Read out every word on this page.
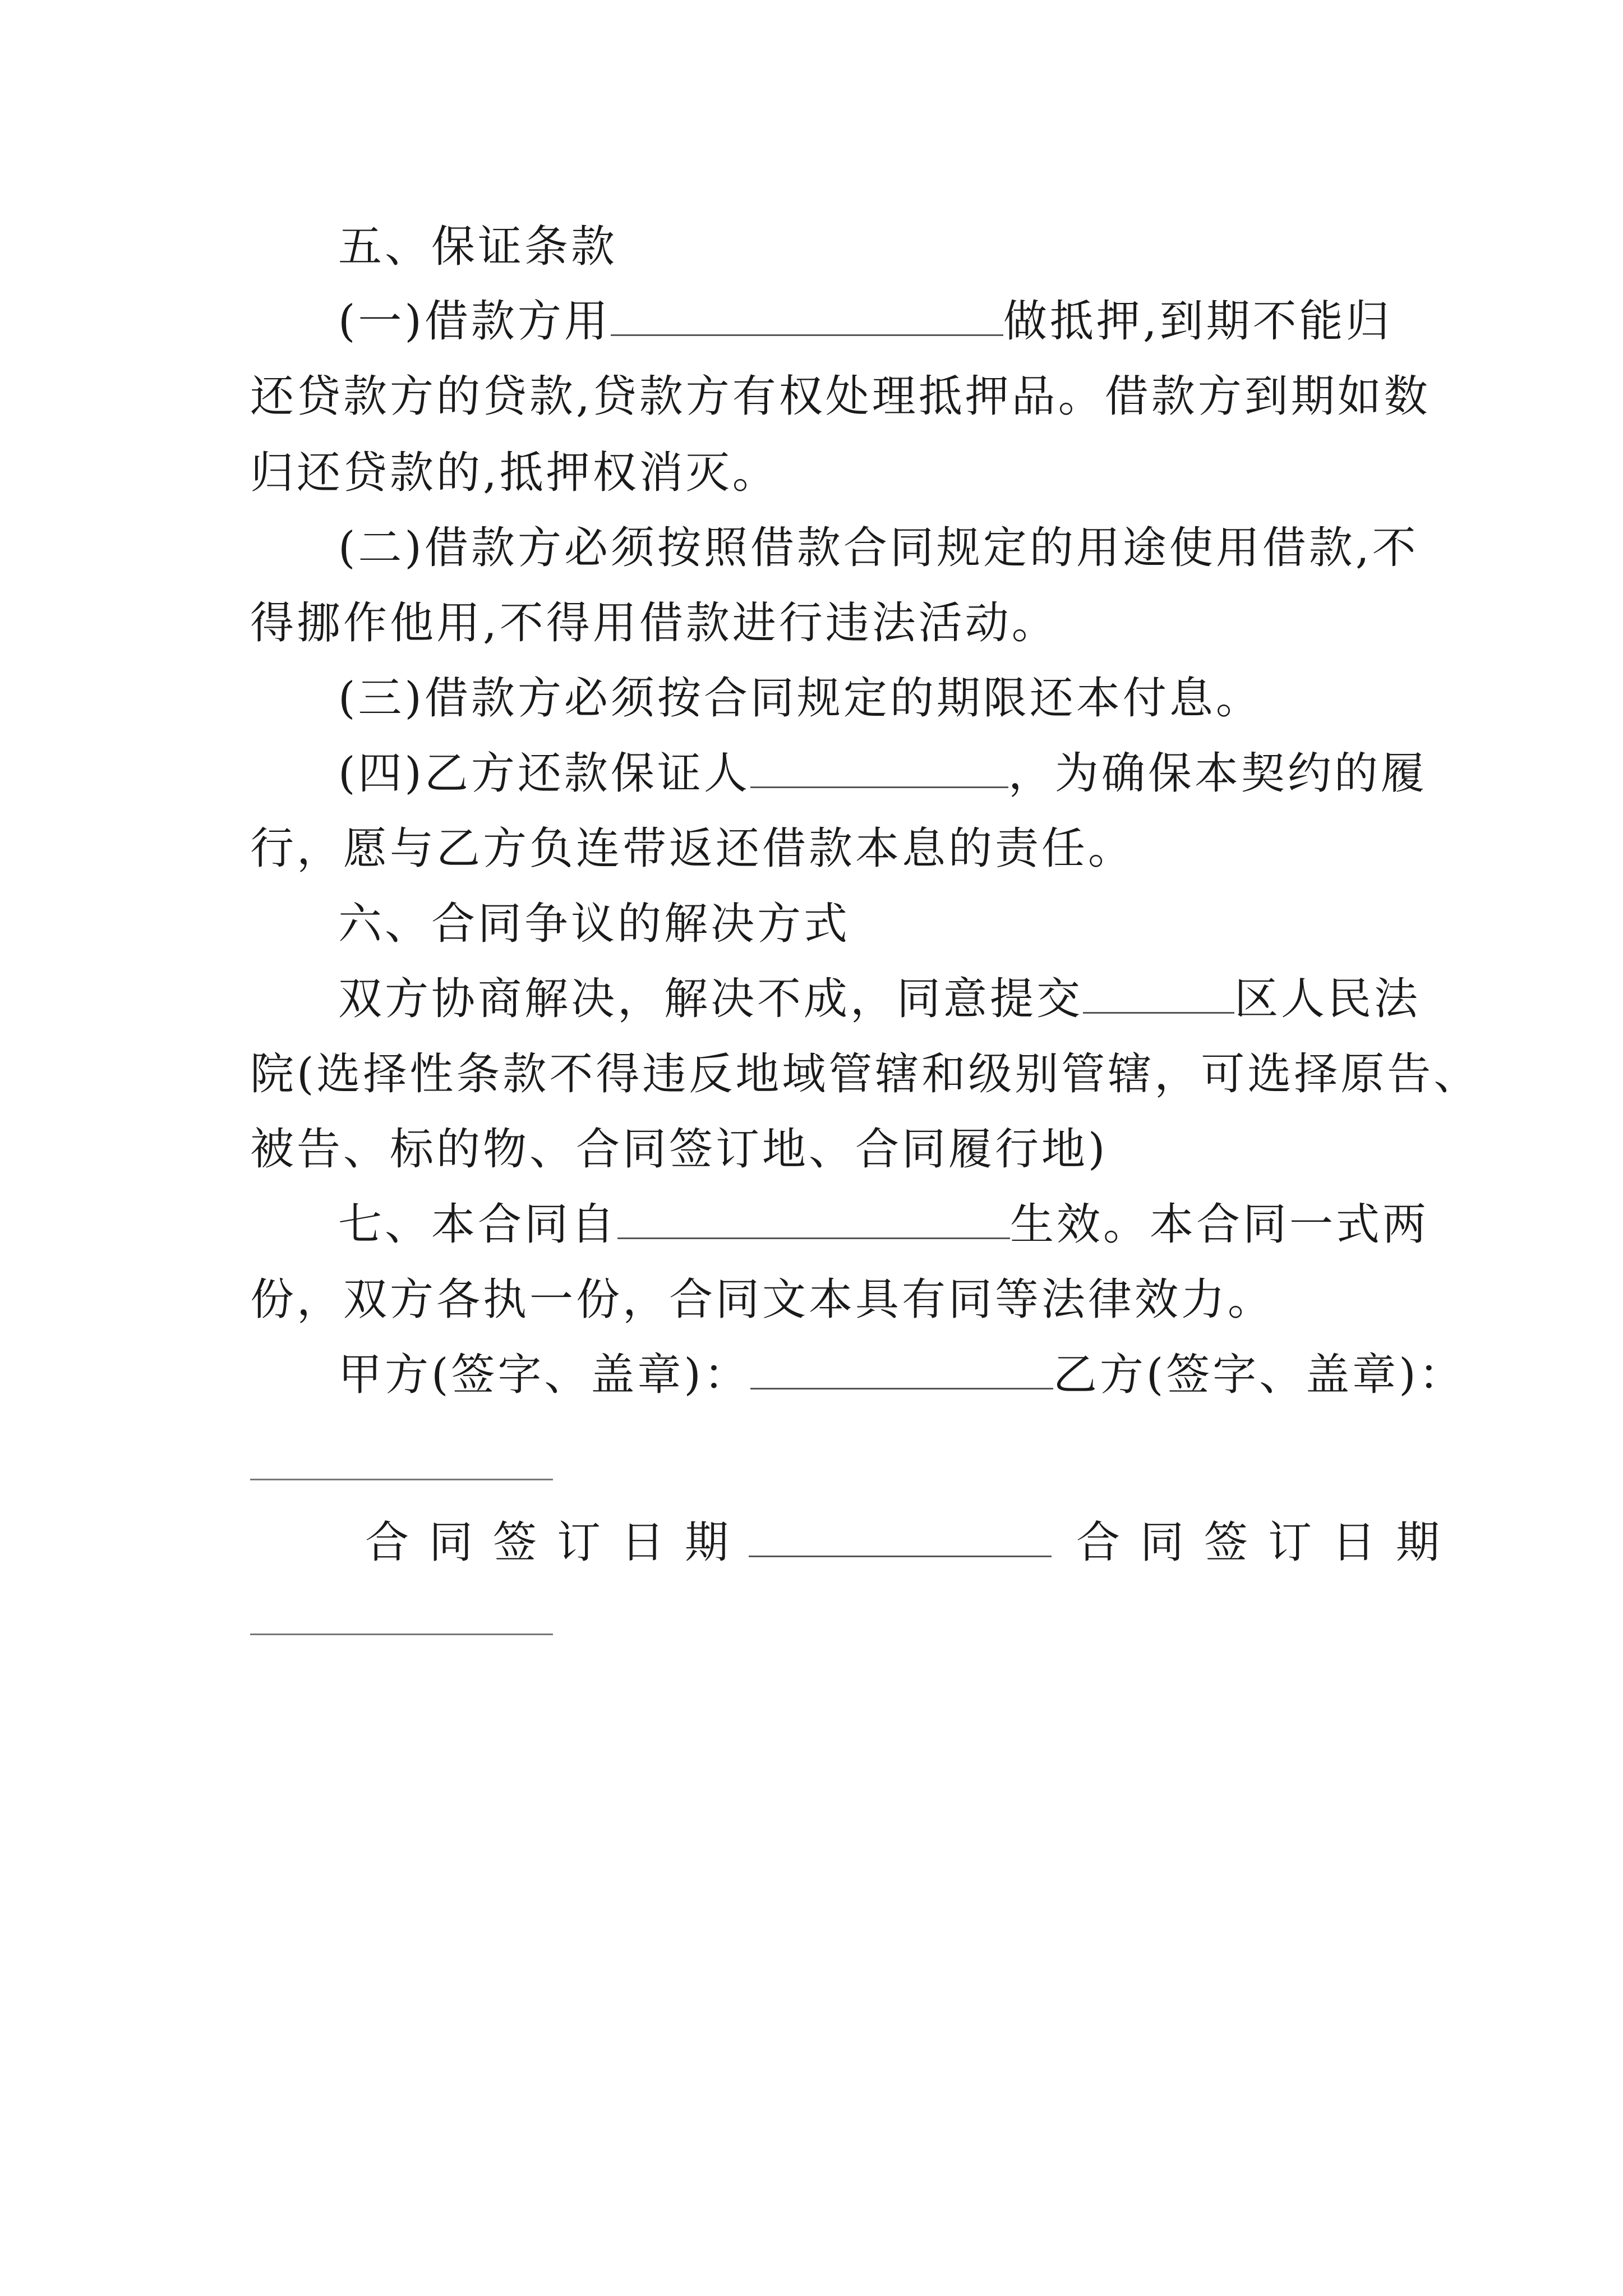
五、保证条款
(一)借款方用	做抵押,到期不能归
还贷款方的贷款,贷款方有权处理抵押品。借款方到期如数
归还贷款的,抵押权消灭。
(二)借款方必须按照借款合同规定的用途使用借款,不
得挪作他用,不得用借款进行违法活动。
(三)借款方必须按合同规定的期限还本付息。
(四)乙方还款保证人	，为确保本契约的履
行，愿与乙方负连带返还借款本息的责任。
六、合同争议的解决方式
双方协商解决，解决不成，同意提交	区人民法
院(选择性条款不得违反地域管辖和级别管辖，可选择原告、
被告、标的物、合同签订地、合同履行地)
七、本合同自	生效。本合同一式两
份，双方各执一份，合同文本具有同等法律效力。
甲方(签字、盖章)：	乙方(签字、盖章)：
合同签订日期	合同签订日期
